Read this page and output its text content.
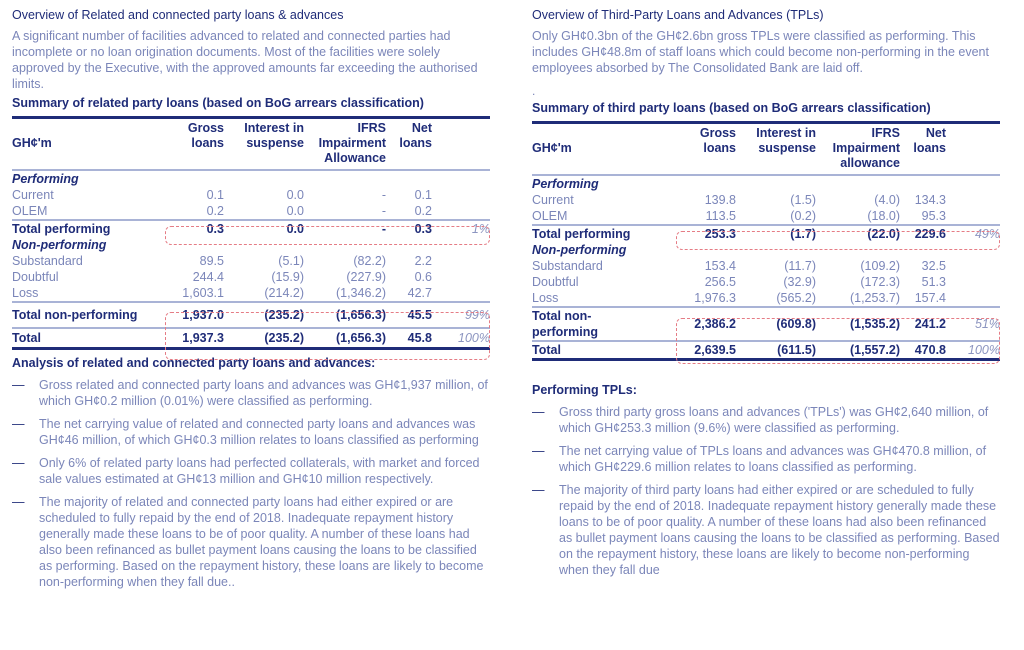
Overview of Related and connected party loans & advances
A significant number of facilities advanced to related and connected parties had incomplete or no loan origination documents. Most of the facilities were solely approved by the Executive, with the approved amounts far exceeding the authorised limits.
Summary of related party loans (based on BoG arrears classification)
GH¢'m	Gross loans	Interest in suspense	IFRS Impairment Allowance	Net loans	
Performing					
Current	0.1	0.0	-	0.1	
OLEM	0.2	0.0	-	0.2	
Total performing	0.3	0.0	-	0.3	1%
Non-performing					
Substandard	89.5	(5.1)	(82.2)	2.2	
Doubtful	244.4	(15.9)	(227.9)	0.6	
Loss	1,603.1	(214.2)	(1,346.2)	42.7	
Total non-performing	1,937.0	(235.2)	(1,656.3)	45.5	99%
Total	1,937.3	(235.2)	(1,656.3)	45.8	100%
Analysis of related and connected party loans and advances:
—	Gross related and connected party loans and advances was GH¢1,937 million, of which GH¢0.2 million (0.01%) were classified as performing.
—	The net carrying value of related and connected party loans and advances was GH¢46 million, of which GH¢0.3 million relates to loans classified as performing
—	Only 6% of related party loans had perfected collaterals, with market and forced sale values estimated at GH¢13 million and GH¢10 million respectively.
—	The majority of related and connected party loans had either expired or are scheduled to fully repaid by the end of 2018. Inadequate repayment history generally made these loans to be of poor quality. A number of these loans had also been refinanced as bullet payment loans causing the loans to be classified as performing. Based on the repayment history, these loans are likely to become non-performing when they fall due..
Overview of Third-Party Loans and Advances (TPLs)
Only GH¢0.3bn of the GH¢2.6bn gross TPLs were classified as performing. This includes GH¢48.8m of staff loans which could become non-performing in the event employees absorbed by The Consolidated Bank are laid off.
.
Summary of third party loans (based on BoG arrears classification)
GH¢'m	Gross loans	Interest in suspense	IFRS Impairment allowance	Net loans	
Performing					
Current	139.8	(1.5)	(4.0)	134.3	
OLEM	113.5	(0.2)	(18.0)	95.3	
Total performing	253.3	(1.7)	(22.0)	229.6	49%
Non-performing					
Substandard	153.4	(11.7)	(109.2)	32.5	
Doubtful	256.5	(32.9)	(172.3)	51.3	
Loss	1,976.3	(565.2)	(1,253.7)	157.4	
Total non-performing	2,386.2	(609.8)	(1,535.2)	241.2	51%
Total	2,639.5	(611.5)	(1,557.2)	470.8	100%
Performing TPLs:
—	Gross third party gross loans and advances ('TPLs') was GH¢2,640 million, of which GH¢253.3 million (9.6%) were classified as performing.
—	The net carrying value of TPLs loans and advances was GH¢470.8 million, of which GH¢229.6 million relates to loans classified as performing.
—	The majority of third party loans had either expired or are scheduled to fully repaid by the end of 2018. Inadequate repayment history generally made these loans to be of poor quality. A number of these loans had also been refinanced as bullet payment loans causing the loans to be classified as performing. Based on the repayment history, these loans are likely to become non-performing when they fall due
